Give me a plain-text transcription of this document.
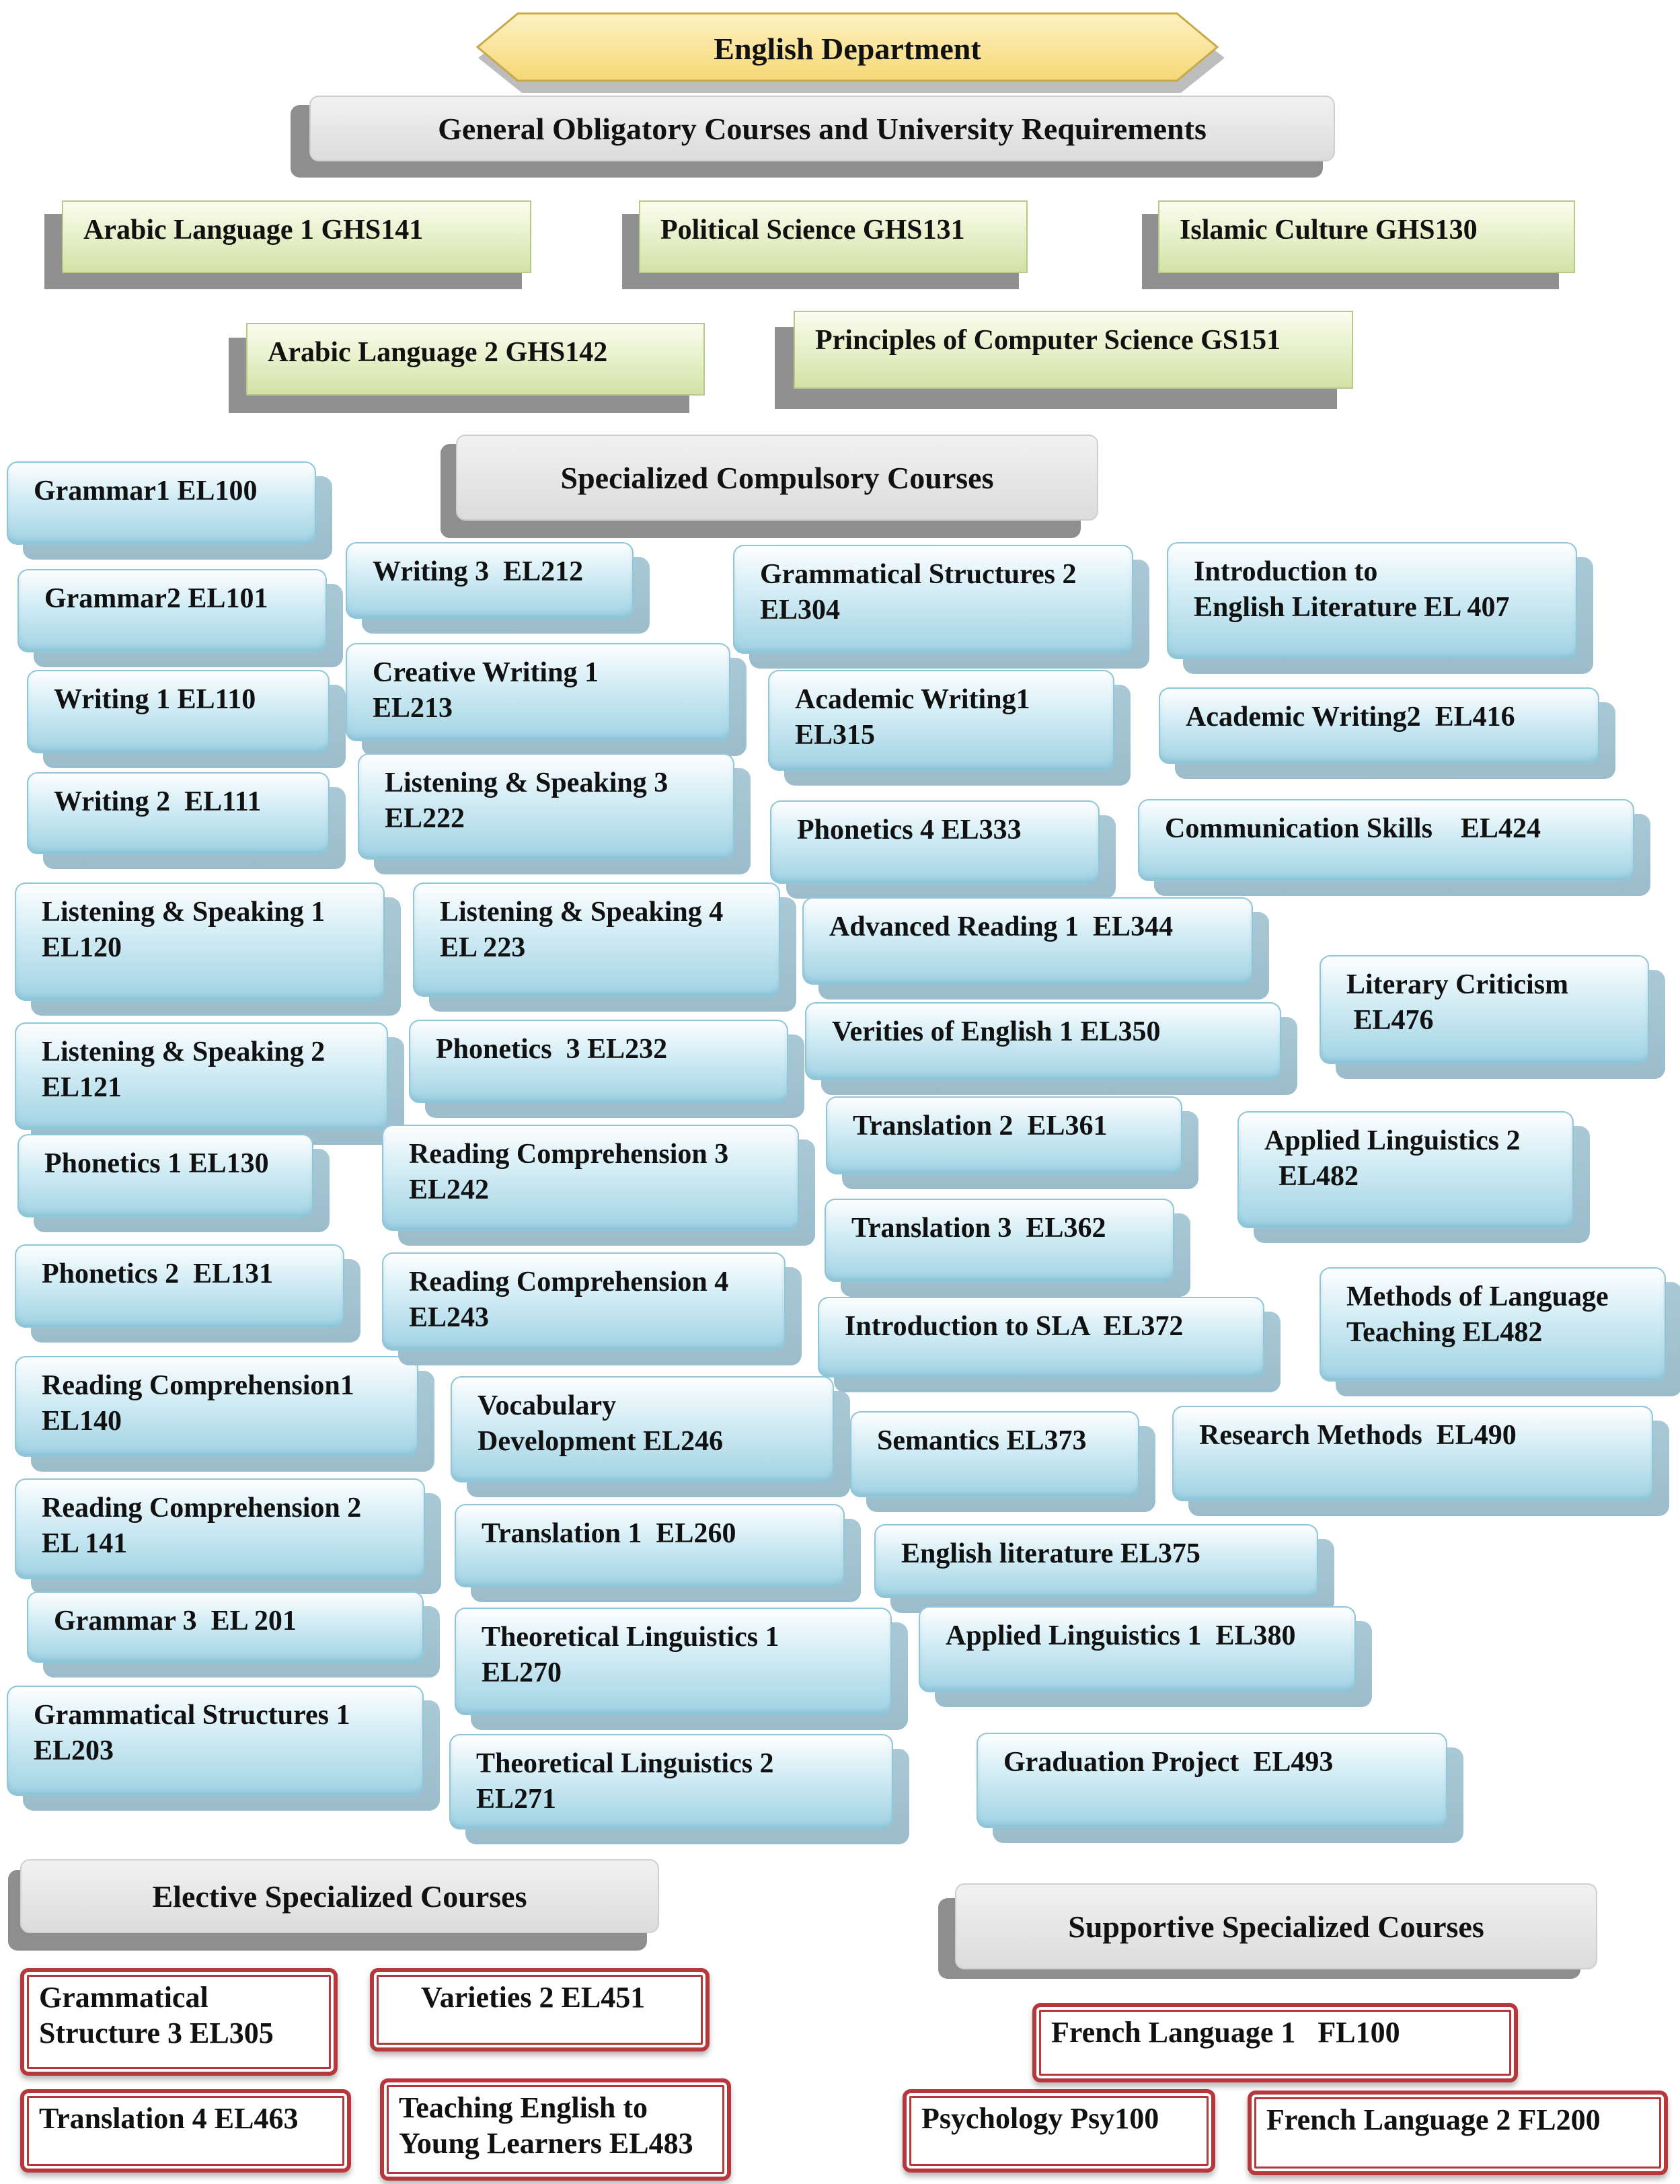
English Department
General Obligatory Courses and University Requirements
Specialized Compulsory Courses
Elective Specialized Courses
Supportive Specialized Courses
Arabic Language 1 GHS141	Political Science GHS131	Islamic Culture GHS130
Arabic Language 2 GHS142	Principles of Computer Science GS151
Grammar1 EL100
Grammar2 EL101
Writing 1 EL110
Writing 2  EL111
Listening & Speaking 1
EL120
Listening & Speaking 2
EL121
Phonetics 1 EL130
Phonetics 2  EL131
Reading Comprehension1
EL140
Reading Comprehension 2
EL 141
Grammar 3  EL 201
Grammatical Structures 1
EL203
Writing 3  EL212
Creative Writing 1
EL213
Listening & Speaking 3
EL222
Listening & Speaking 4
EL 223
Phonetics  3 EL232
Reading Comprehension 3
EL242
Reading Comprehension 4
EL243
Vocabulary
Development EL246
Translation 1  EL260
Theoretical Linguistics 1
EL270
Theoretical Linguistics 2
EL271
Grammatical Structures 2
EL304
Academic Writing1
EL315
Phonetics 4 EL333
Advanced Reading 1  EL344
Verities of English 1 EL350
Translation 2  EL361
Translation 3  EL362
Introduction to SLA  EL372
Semantics EL373
English literature EL375
Applied Linguistics 1  EL380
Graduation Project  EL493
Introduction to
English Literature EL 407
Academic Writing2  EL416
Communication Skills    EL424
Literary Criticism
EL476
Applied Linguistics 2
EL482
Methods of Language
Teaching EL482
Research Methods  EL490
Grammatical
Structure 3 EL305
Varieties 2 EL451
Translation 4 EL463	Teaching English to
Young Learners EL483
French Language 1   FL100
Psychology Psy100	French Language 2 FL200
